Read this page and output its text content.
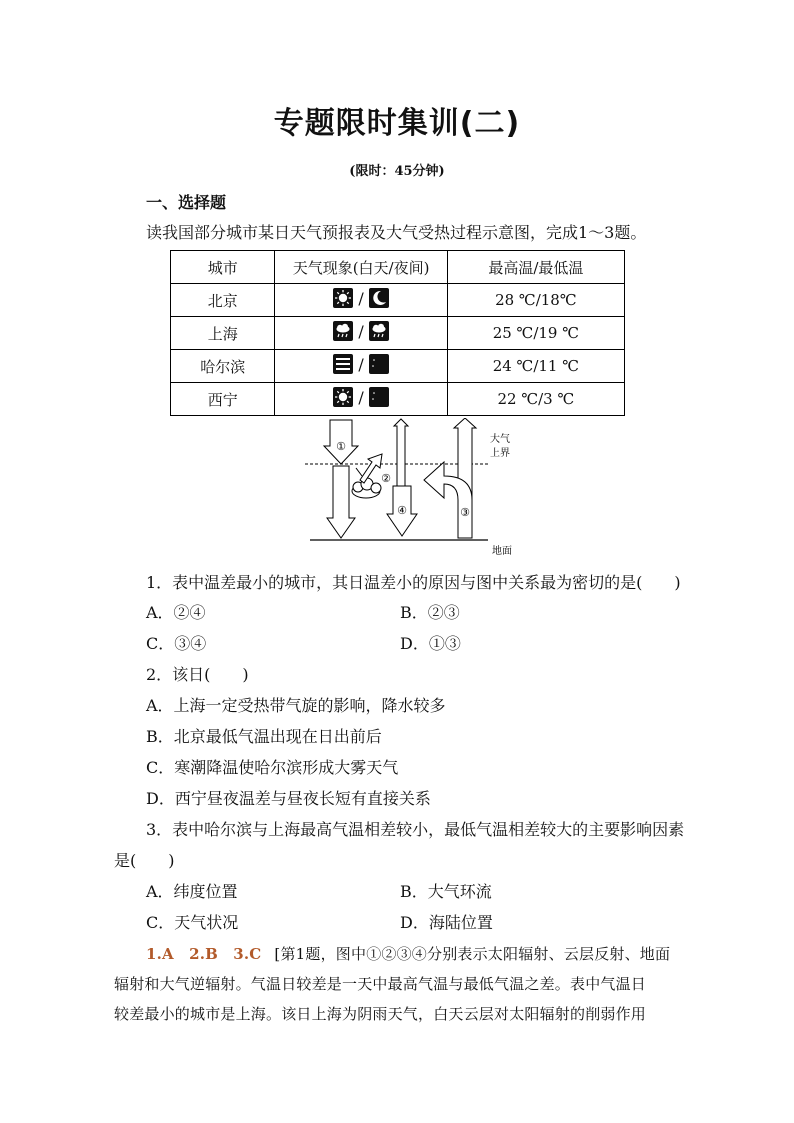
专题限时集训(二)
(限时：45分钟)
一、选择题
读我国部分城市某日天气预报表及大气受热过程示意图，完成1～3题。
城市	天气现象(白天/夜间)	最高温/最低温
北京	/	28 ℃/18℃
上海	/	25 ℃/19 ℃
哈尔滨	/	24 ℃/11 ℃
西宁	/	22 ℃/3 ℃
①
②
④	③
大气
上界
地面
1．表中温差最小的城市，其日温差小的原因与图中关系最为密切的是(　　)
A．②④	B．②③
C．③④	D．①③
2．该日(　　)
A．上海一定受热带气旋的影响，降水较多
B．北京最低气温出现在日出前后
C．寒潮降温使哈尔滨形成大雾天气
D．西宁昼夜温差与昼夜长短有直接关系
3．表中哈尔滨与上海最高气温相差较小，最低气温相差较大的主要影响因素
是(　　)
A．纬度位置	B．大气环流
C．天气状况	D．海陆位置
1.A　2.B　3.C [第1题，图中①②③④分别表示太阳辐射、云层反射、地面
辐射和大气逆辐射。气温日较差是一天中最高气温与最低气温之差。表中气温日
较差最小的城市是上海。该日上海为阴雨天气，白天云层对太阳辐射的削弱作用
